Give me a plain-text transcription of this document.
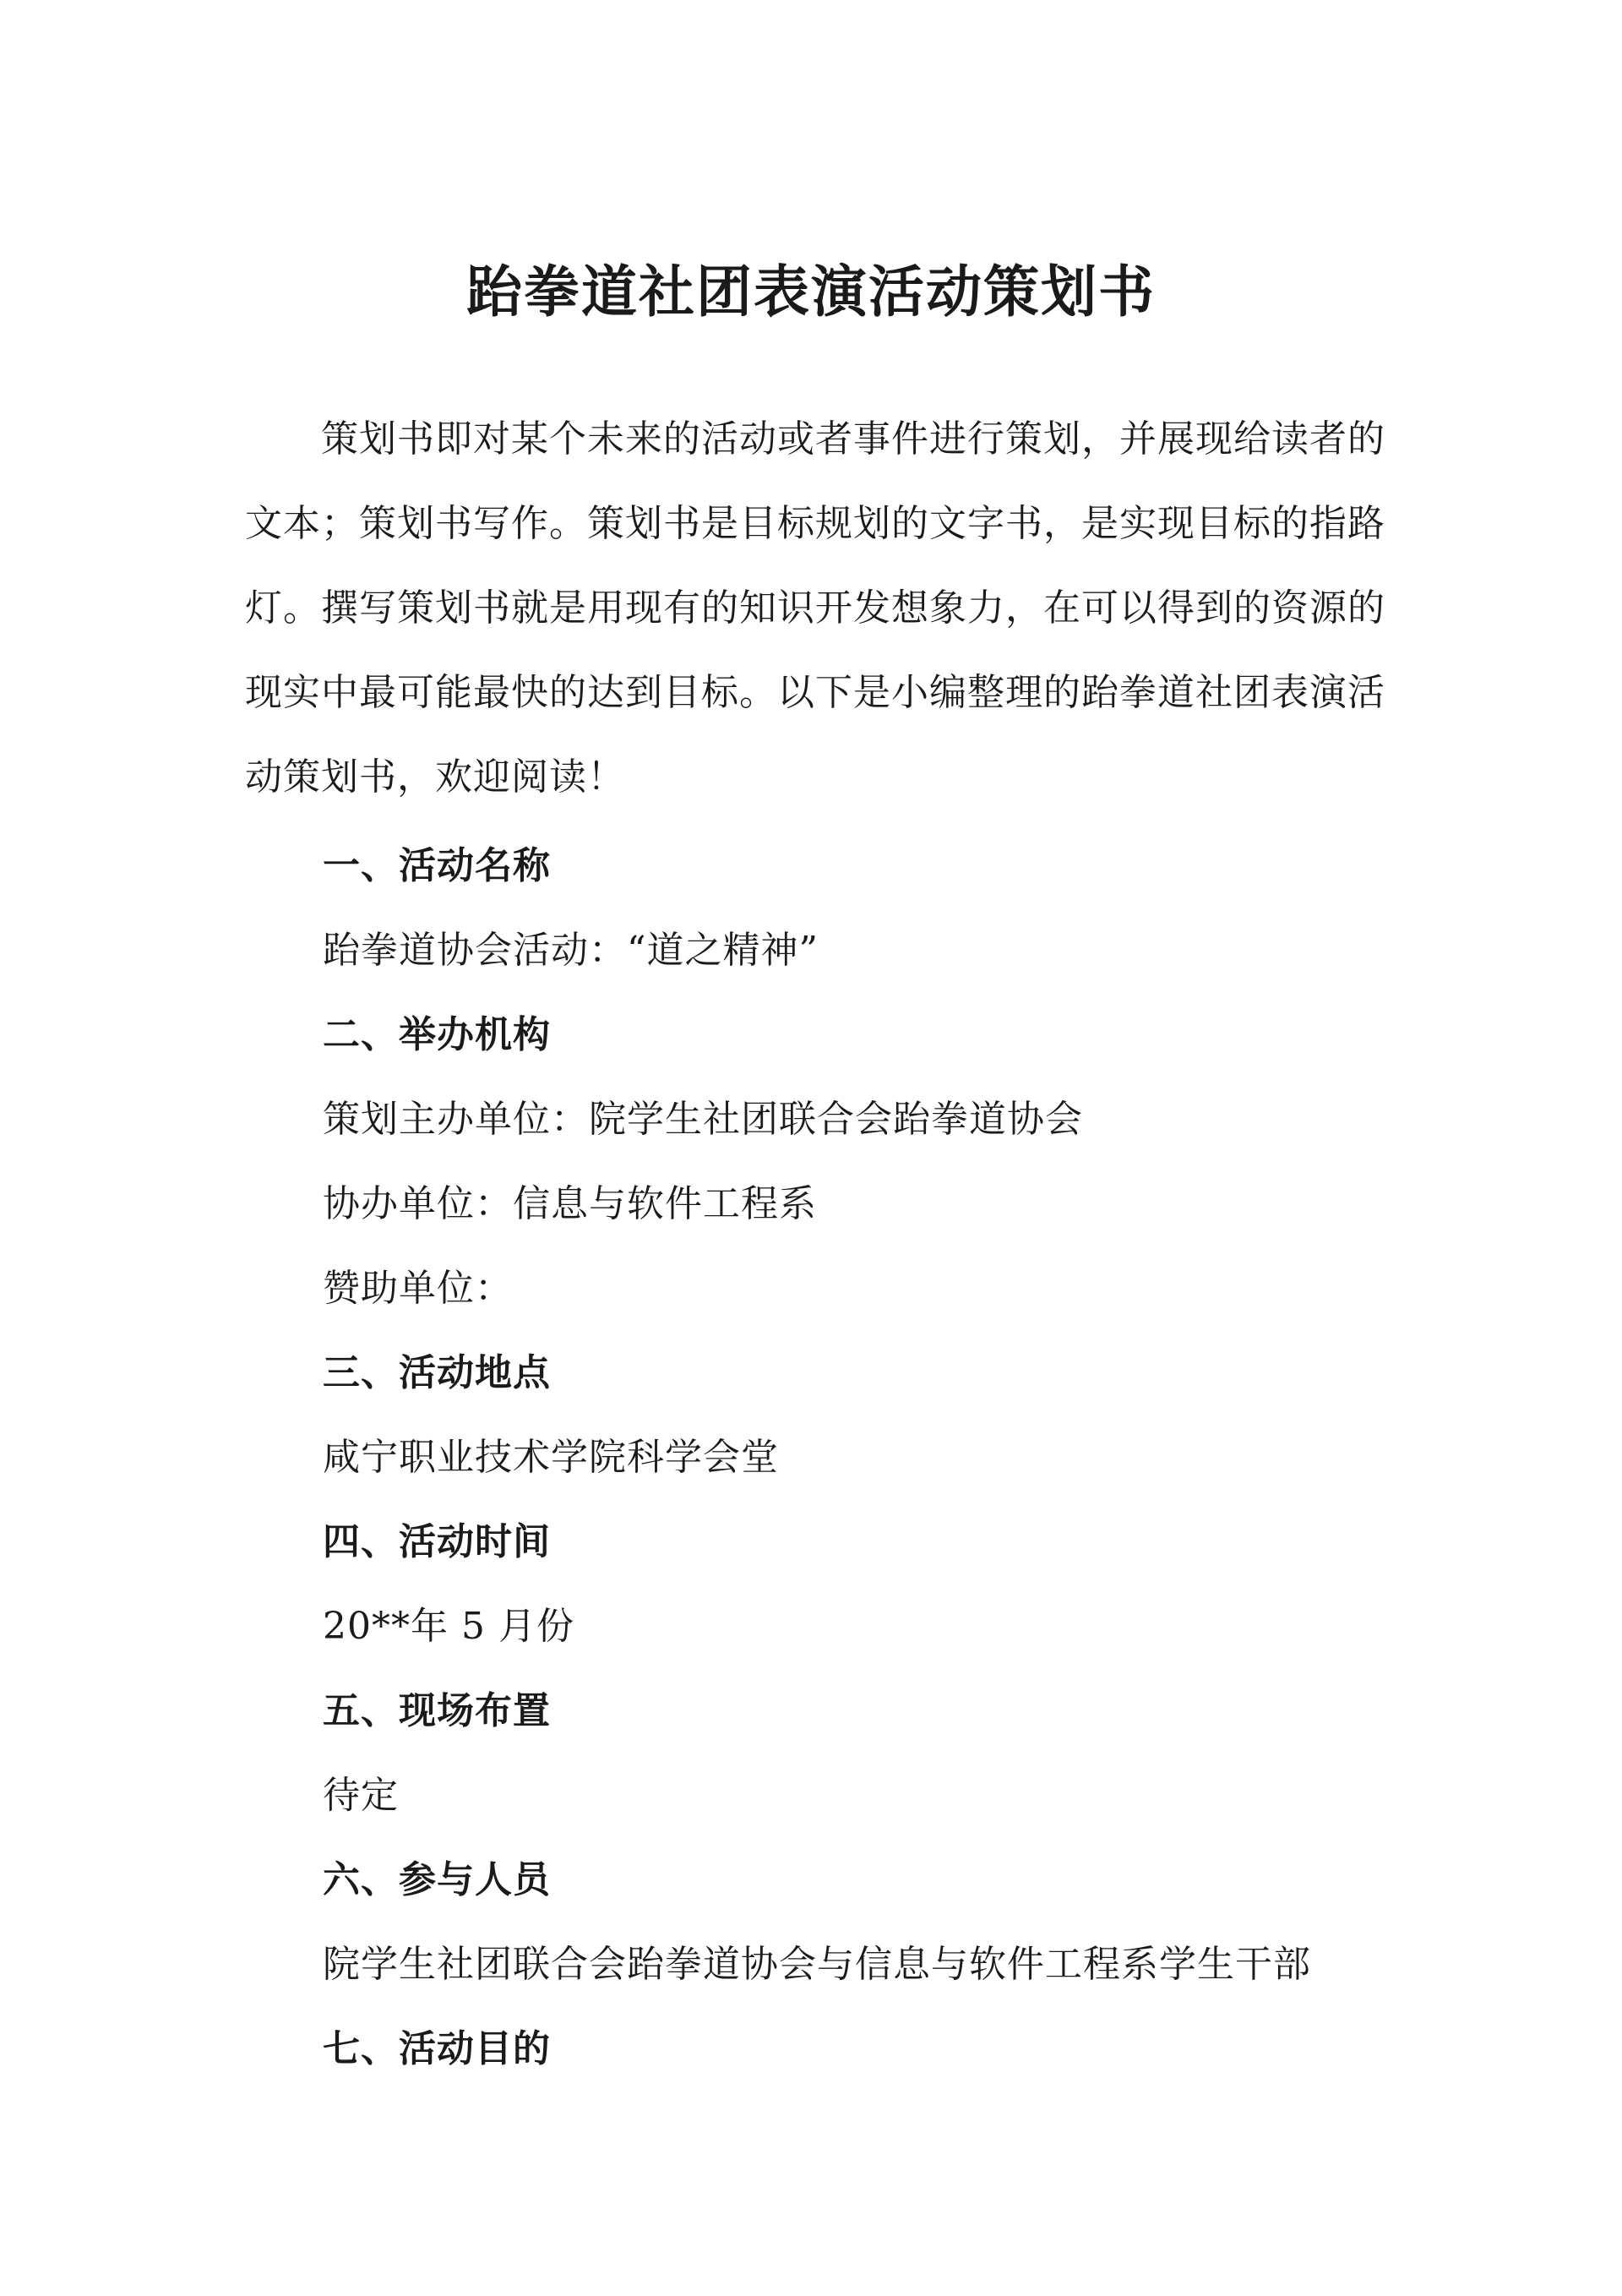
跆拳道社团表演活动策划书

策划书即对某个未来的活动或者事件进行策划，并展现给读者的文本；策划书写作。策划书是目标规划的文字书，是实现目标的指路灯。撰写策划书就是用现有的知识开发想象力，在可以得到的资源的现实中最可能最快的达到目标。以下是小编整理的跆拳道社团表演活动策划书，欢迎阅读！

一、活动名称

跆拳道协会活动：“道之精神”

二、举办机构

策划主办单位：院学生社团联合会跆拳道协会

协办单位：信息与软件工程系

赞助单位：

三、活动地点

咸宁职业技术学院科学会堂

四、活动时间

20**年 5 月份

五、现场布置

待定

六、参与人员

院学生社团联合会跆拳道协会与信息与软件工程系学生干部

七、活动目的
